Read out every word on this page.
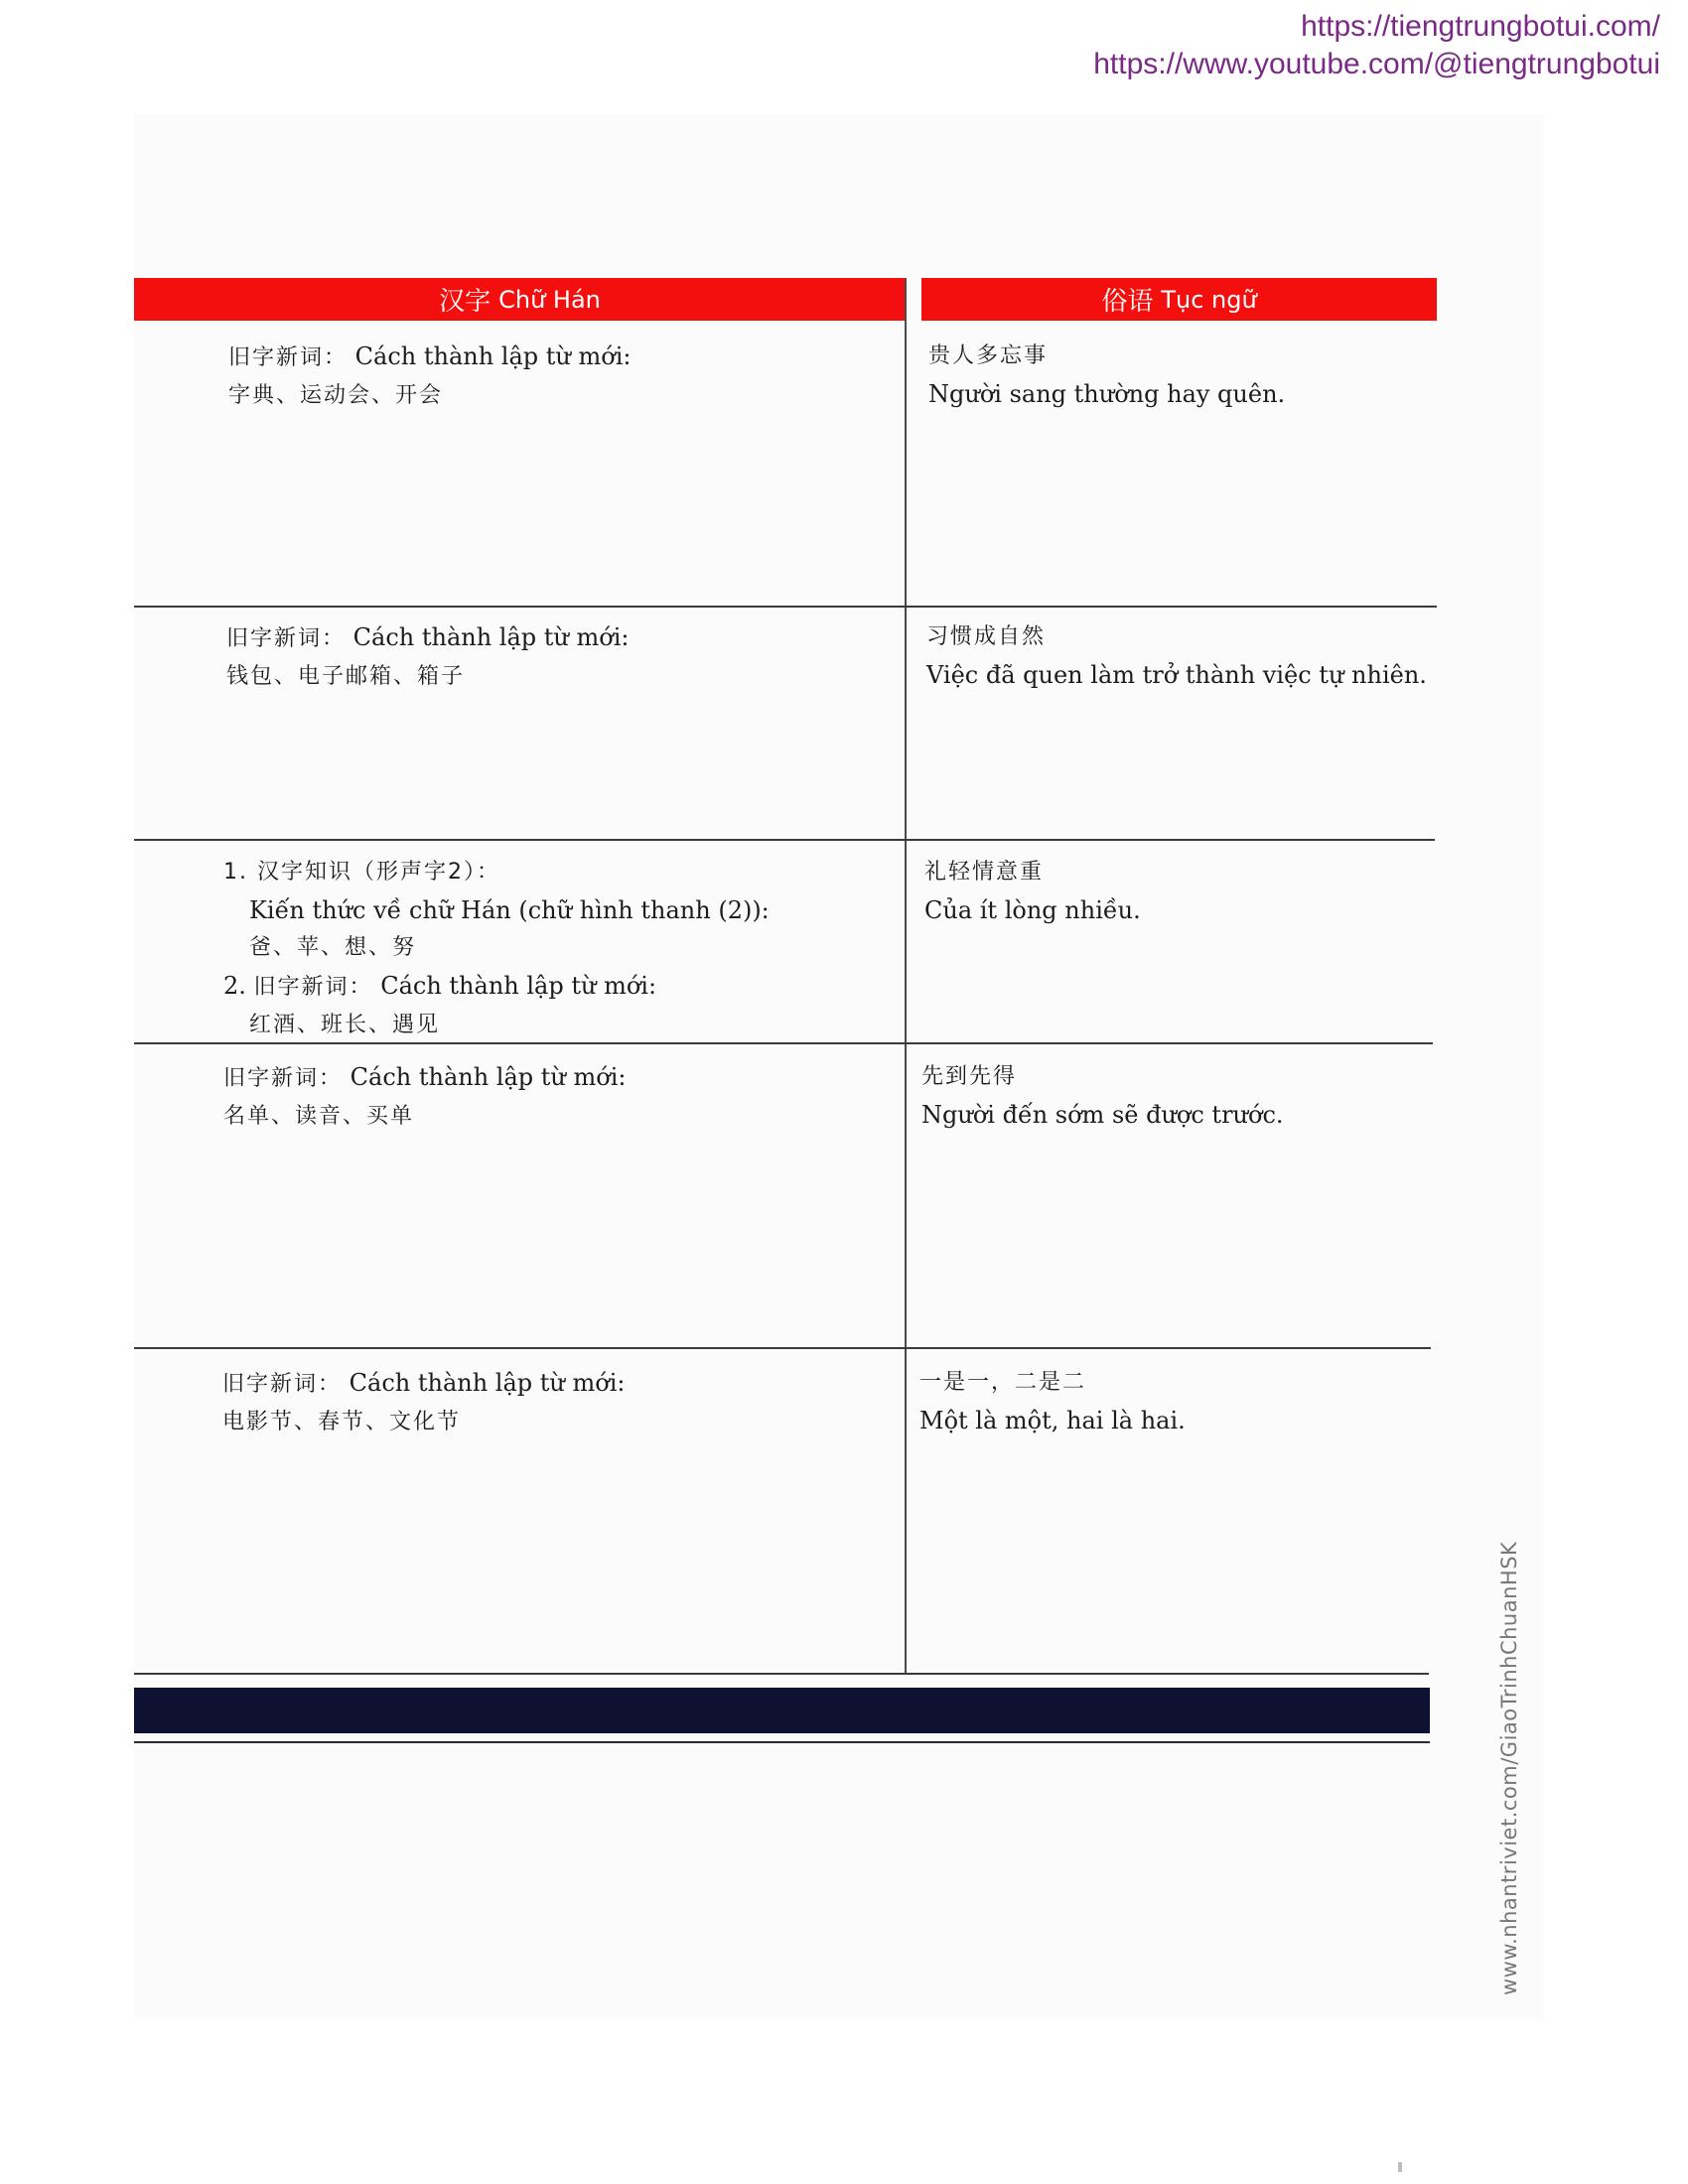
https://tiengtrungbotui.com/
https://www.youtube.com/@tiengtrungbotui
汉字 Chữ Hán	俗语 Tục ngữ
旧字新词： Cách thành lập từ mới:
字典、运动会、开会
贵人多忘事
Người sang thường hay quên.
旧字新词： Cách thành lập từ mới:
钱包、电子邮箱、箱子
习惯成自然
Việc đã quen làm trở thành việc tự nhiên.
1. 汉字知识（形声字2）：
Kiến thức về chữ Hán (chữ hình thanh (2)):
爸、苹、想、努
2. 旧字新词： Cách thành lập từ mới:
红酒、班长、遇见
礼轻情意重
Của ít lòng nhiều.
旧字新词： Cách thành lập từ mới:
名单、读音、买单
先到先得
Người đến sớm sẽ được trước.
旧字新词： Cách thành lập từ mới:
电影节、春节、文化节
一是一，二是二
Một là một, hai là hai.
www.nhantriviet.com/GiaoTrinhChuanHSK
